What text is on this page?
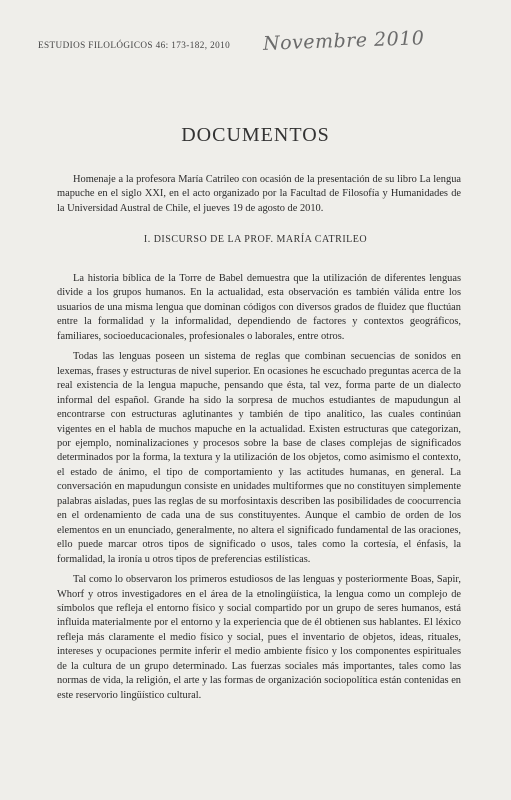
ESTUDIOS FILOLÓGICOS 46: 173-182, 2010 Novembre 2010
DOCUMENTOS

Homenaje a la profesora María Catrileo con ocasión de la presentación de su libro La lengua mapuche en el siglo XXI, en el acto organizado por la Facultad de Filosofía y Humanidades de la Universidad Austral de Chile, el jueves 19 de agosto de 2010.

I. DISCURSO DE LA PROF. MARÍA CATRILEO

La historia bíblica de la Torre de Babel demuestra que la utilización de diferentes lenguas divide a los grupos humanos. En la actualidad, esta observación es también válida entre los usuarios de una misma lengua que dominan códigos con diversos grados de fluidez que fluctúan entre la formalidad y la informalidad, dependiendo de factores y contextos geográficos, familiares, socioeducacionales, profesionales o laborales, entre otros.

Todas las lenguas poseen un sistema de reglas que combinan secuencias de sonidos en lexemas, frases y estructuras de nivel superior. En ocasiones he escuchado preguntas acerca de la real existencia de la lengua mapuche, pensando que ésta, tal vez, forma parte de un dialecto informal del español. Grande ha sido la sorpresa de muchos estudiantes de mapudungun al encontrarse con estructuras aglutinantes y también de tipo analítico, las cuales continúan vigentes en el habla de muchos mapuche en la actualidad. Existen estructuras que categorizan, por ejemplo, nominalizaciones y procesos sobre la base de clases complejas de significados determinados por la forma, la textura y la utilización de los objetos, como asimismo el contexto, el estado de ánimo, el tipo de comportamiento y las actitudes humanas, en general. La conversación en mapudungun consiste en unidades multiformes que no constituyen simplemente palabras aisladas, pues las reglas de su morfosintaxis describen las posibilidades de coocurrencia en el ordenamiento de cada una de sus constituyentes. Aunque el cambio de orden de los elementos en un enunciado, generalmente, no altera el significado fundamental de las oraciones, ello puede marcar otros tipos de significado o usos, tales como la cortesía, el énfasis, la formalidad, la ironía u otros tipos de preferencias estilísticas.

Tal como lo observaron los primeros estudiosos de las lenguas y posteriormente Boas, Sapir, Whorf y otros investigadores en el área de la etnolingüística, la lengua como un complejo de símbolos que refleja el entorno físico y social compartido por un grupo de seres humanos, está influida materialmente por el entorno y la experiencia que de él obtienen sus hablantes. El léxico refleja más claramente el medio físico y social, pues el inventario de objetos, ideas, rituales, intereses y ocupaciones permite inferir el medio ambiente físico y los componentes espirituales de la cultura de un grupo determinado. Las fuerzas sociales más importantes, tales como las normas de vida, la religión, el arte y las formas de organización sociopolítica están contenidas en este reservorio lingüístico cultural.
